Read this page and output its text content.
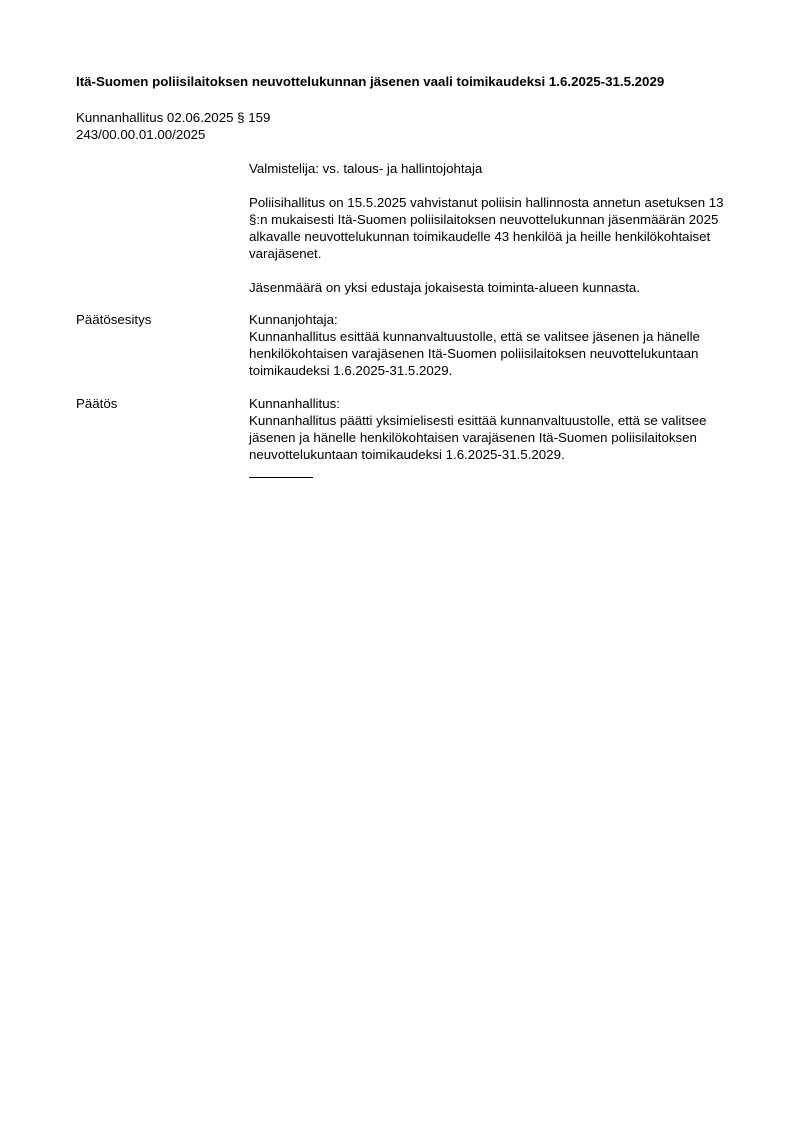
Itä-Suomen poliisilaitoksen neuvottelukunnan jäsenen vaali toimikaudeksi 1.6.2025-31.5.2029
Kunnanhallitus 02.06.2025 § 159
243/00.00.01.00/2025

Valmistelija: vs. talous- ja hallintojohtaja

Poliisihallitus on 15.5.2025 vahvistanut poliisin hallinnosta annetun asetuksen 13 §:n mukaisesti Itä-Suomen poliisilaitoksen neuvottelukunnan jäsenmäärän 2025 alkavalle neuvottelukunnan toimikaudelle 43 henkilöä ja heille henkilökohtaiset varajäsenet.

Jäsenmäärä on yksi edustaja jokaisesta toiminta-alueen kunnasta.

Päätösesitys	Kunnanjohtaja:

Kunnanhallitus esittää kunnanvaltuustolle, että se valitsee jäsenen ja hänelle henkilökohtaisen varajäsenen Itä-Suomen poliisilaitoksen neuvottelukuntaan toimikaudeksi 1.6.2025-31.5.2029.

Päätös	Kunnanhallitus:

Kunnanhallitus päätti yksimielisesti esittää kunnanvaltuustolle, että se valitsee jäsenen ja hänelle henkilökohtaisen varajäsenen Itä-Suomen poliisilaitoksen neuvottelukuntaan toimikaudeksi 1.6.2025-31.5.2029.
